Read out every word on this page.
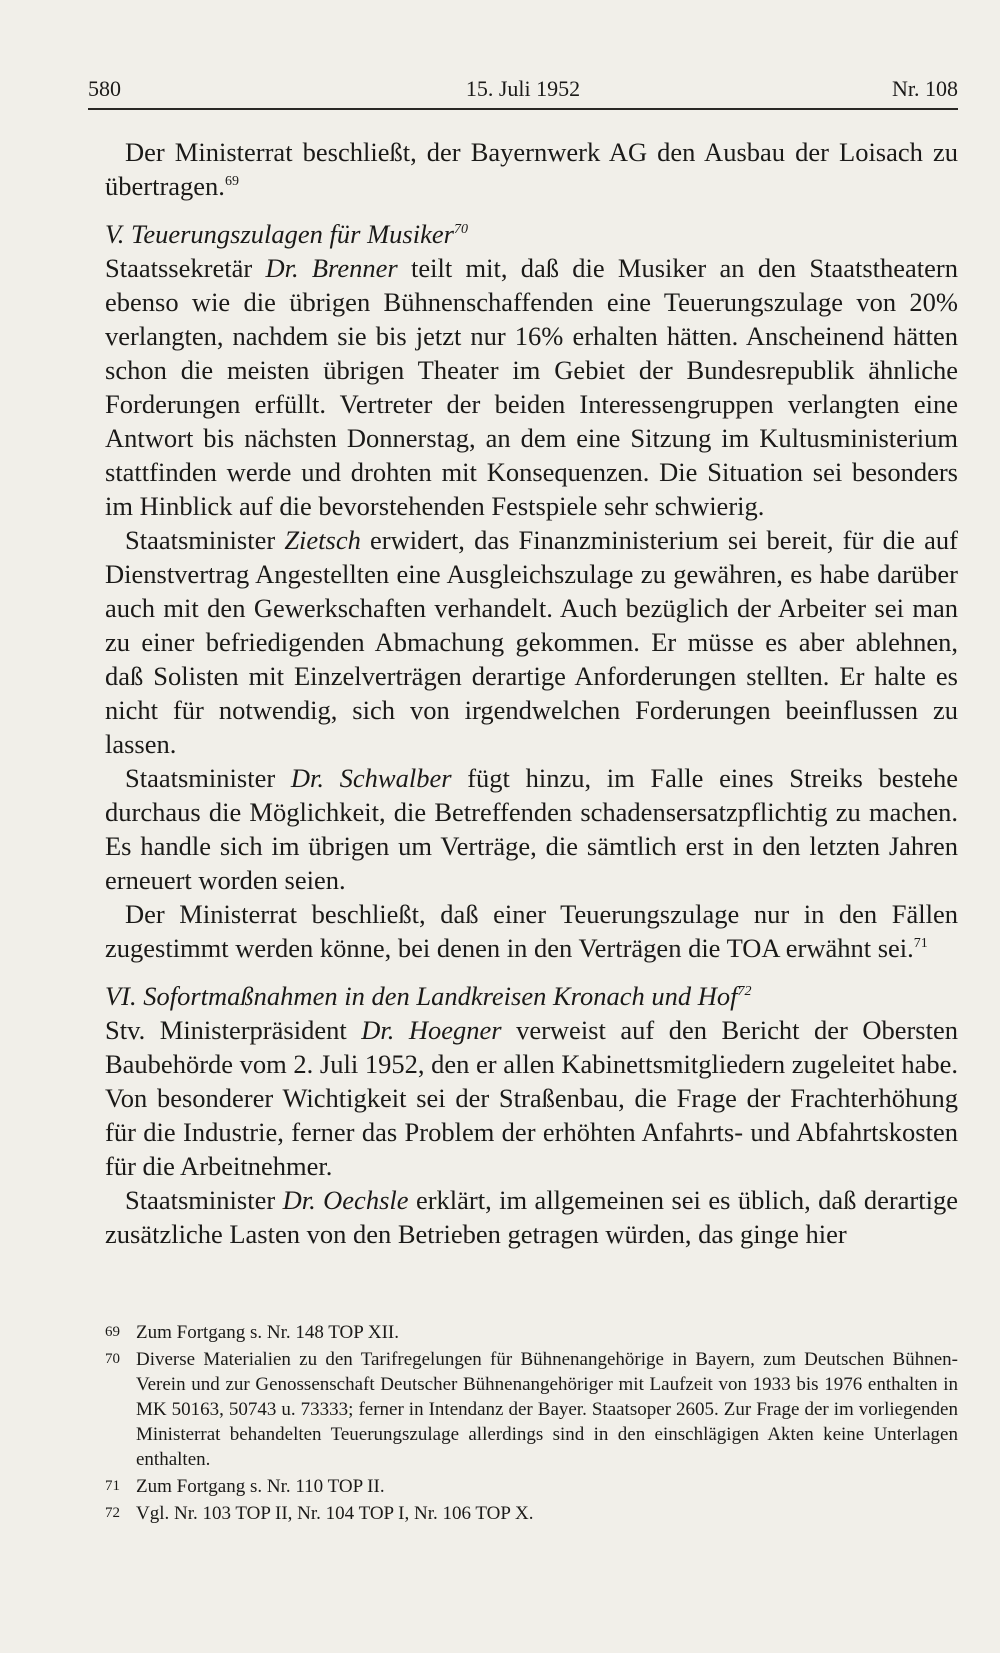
580	15. Juli 1952	Nr. 108

Der Ministerrat beschließt, der Bayernwerk AG den Ausbau der Loisach zu übertragen.$^{69}$

V. Teuerungszulagen für Musiker$^{70}$

Staatssekretär Dr. Brenner teilt mit, daß die Musiker an den Staatstheatern ebenso wie die übrigen Bühnenschaffenden eine Teuerungszulage von 20% verlangten, nachdem sie bis jetzt nur 16% erhalten hätten. Anscheinend hätten schon die meisten übrigen Theater im Gebiet der Bundesrepublik ähnliche Forderungen erfüllt. Vertreter der beiden Interessengruppen verlangten eine Antwort bis nächsten Donnerstag, an dem eine Sitzung im Kultusministerium stattfinden werde und drohten mit Konsequenzen. Die Situation sei besonders im Hinblick auf die bevorstehenden Festspiele sehr schwierig.

Staatsminister Zietsch erwidert, das Finanzministerium sei bereit, für die auf Dienstvertrag Angestellten eine Ausgleichszulage zu gewähren, es habe darüber auch mit den Gewerkschaften verhandelt. Auch bezüglich der Arbeiter sei man zu einer befriedigenden Abmachung gekommen. Er müsse es aber ablehnen, daß Solisten mit Einzelverträgen derartige Anforderungen stellten. Er halte es nicht für notwendig, sich von irgendwelchen Forderungen beeinflussen zu lassen.

Staatsminister Dr. Schwalber fügt hinzu, im Falle eines Streiks bestehe durchaus die Möglichkeit, die Betreffenden schadensersatzpflichtig zu machen. Es handle sich im übrigen um Verträge, die sämtlich erst in den letzten Jahren erneuert worden seien.

Der Ministerrat beschließt, daß einer Teuerungszulage nur in den Fällen zugestimmt werden könne, bei denen in den Verträgen die TOA erwähnt sei.$^{71}$

VI. Sofortmaßnahmen in den Landkreisen Kronach und Hof$^{72}$

Stv. Ministerpräsident Dr. Hoegner verweist auf den Bericht der Obersten Baubehörde vom 2. Juli 1952, den er allen Kabinettsmitgliedern zugeleitet habe. Von besonderer Wichtigkeit sei der Straßenbau, die Frage der Frachterhöhung für die Industrie, ferner das Problem der erhöhten Anfahrts- und Abfahrtskosten für die Arbeitnehmer.

Staatsminister Dr. Oechsle erklärt, im allgemeinen sei es üblich, daß derartige zusätzliche Lasten von den Betrieben getragen würden, das ginge hier

69 Zum Fortgang s. Nr. 148 TOP XII.
70 Diverse Materialien zu den Tarifregelungen für Bühnenangehörige in Bayern, zum Deutschen Bühnen-Verein und zur Genossenschaft Deutscher Bühnenangehöriger mit Laufzeit von 1933 bis 1976 enthalten in MK 50163, 50743 u. 73333; ferner in Intendanz der Bayer. Staatsoper 2605. Zur Frage der im vorliegenden Ministerrat behandelten Teuerungszulage allerdings sind in den einschlägigen Akten keine Unterlagen enthalten.
71 Zum Fortgang s. Nr. 110 TOP II.
72 Vgl. Nr. 103 TOP II, Nr. 104 TOP I, Nr. 106 TOP X.
